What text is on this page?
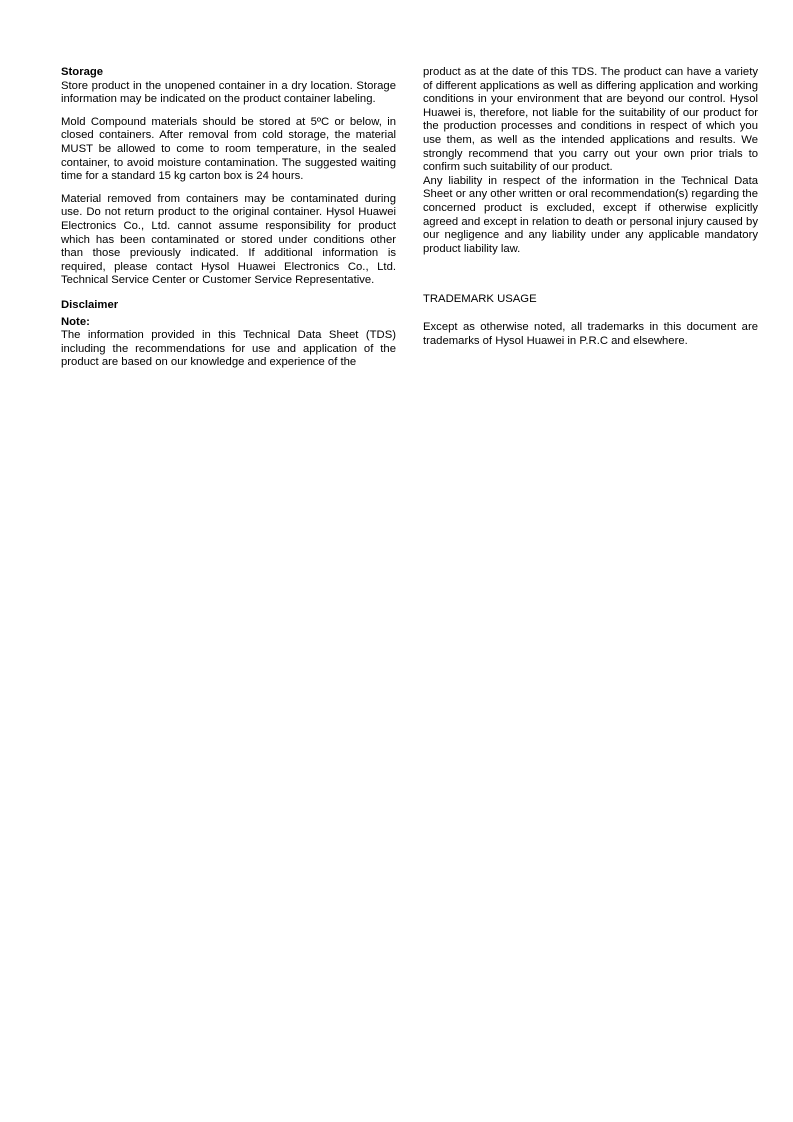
Storage

Store product in the unopened container in a dry location. Storage information may be indicated on the product container labeling.

Mold Compound materials should be stored at 5ºC or below, in closed containers. After removal from cold storage, the material MUST be allowed to come to room temperature, in the sealed container, to avoid moisture contamination. The suggested waiting time for a standard 15 kg carton box is 24 hours.

Material removed from containers may be contaminated during use. Do not return product to the original container. Hysol Huawei Electronics Co., Ltd. cannot assume responsibility for product which has been contaminated or stored under conditions other than those previously indicated. If additional information is required, please contact Hysol Huawei Electronics Co., Ltd. Technical Service Center or Customer Service Representative.

Disclaimer
Note:

The information provided in this Technical Data Sheet (TDS) including the recommendations for use and application of the product are based on our knowledge and experience of the

product as at the date of this TDS. The product can have a variety of different applications as well as differing application and working conditions in your environment that are beyond our control. Hysol Huawei is, therefore, not liable for the suitability of our product for the production processes and conditions in respect of which you use them, as well as the intended applications and results. We strongly recommend that you carry out your own prior trials to confirm such suitability of our product.

Any liability in respect of the information in the Technical Data Sheet or any other written or oral recommendation(s) regarding the concerned product is excluded, except if otherwise explicitly agreed and except in relation to death or personal injury caused by our negligence and any liability under any applicable mandatory product liability law.

TRADEMARK USAGE

Except as otherwise noted, all trademarks in this document are trademarks of Hysol Huawei in P.R.C and elsewhere.
